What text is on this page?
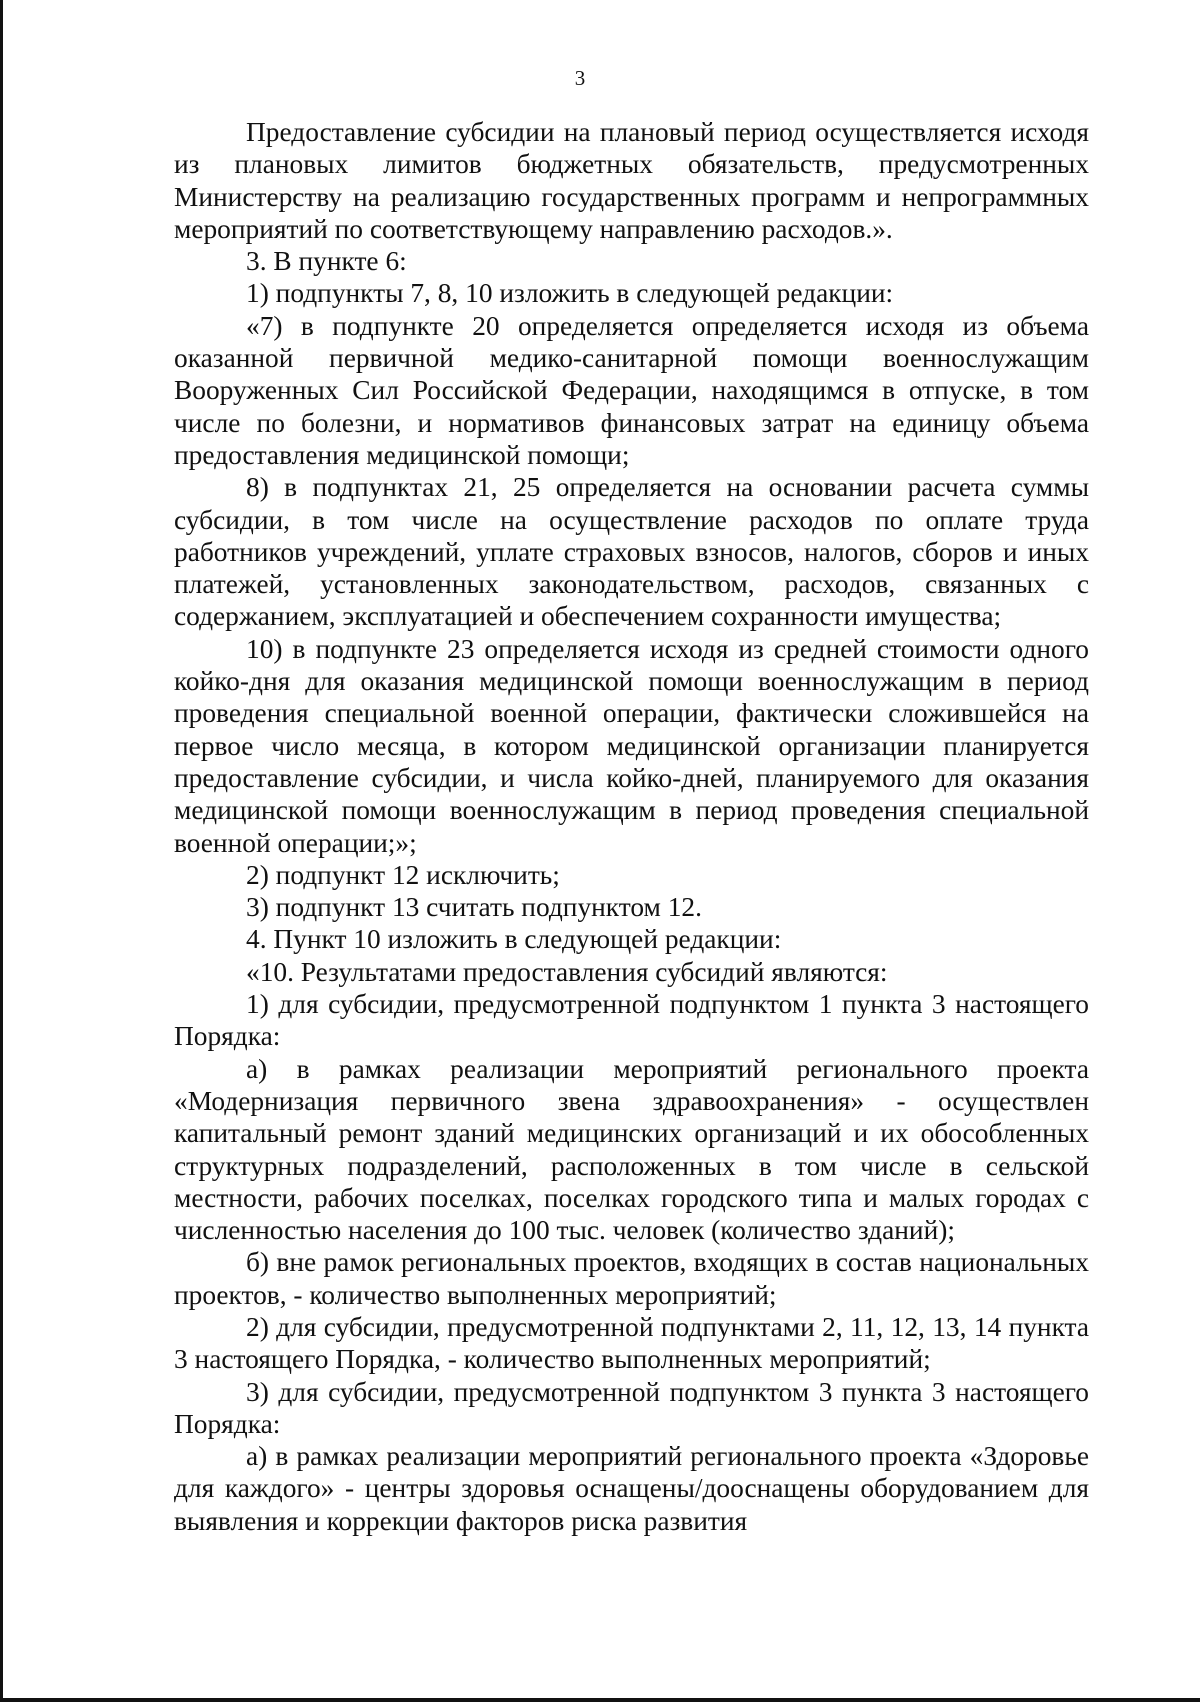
3

Предоставление субсидии на плановый период осуществляется исходя из плановых лимитов бюджетных обязательств, предусмотренных Министерству на реализацию государственных программ и непрограммных мероприятий по соответствующему направлению расходов.».

3. В пункте 6:

1) подпункты 7, 8, 10 изложить в следующей редакции:

«7) в подпункте 20 определяется определяется исходя из объема оказанной первичной медико-санитарной помощи военнослужащим Вооруженных Сил Российской Федерации, находящимся в отпуске, в том числе по болезни, и нормативов финансовых затрат на единицу объема предоставления медицинской помощи;

8) в подпунктах 21, 25 определяется на основании расчета суммы субсидии, в том числе на осуществление расходов по оплате труда работников учреждений, уплате страховых взносов, налогов, сборов и иных платежей, установленных законодательством, расходов, связанных с содержанием, эксплуатацией и обеспечением сохранности имущества;

10) в подпункте 23 определяется исходя из средней стоимости одного койко-дня для оказания медицинской помощи военнослужащим в период проведения специальной военной операции, фактически сложившейся на первое число месяца, в котором медицинской организации планируется предоставление субсидии, и числа койко-дней, планируемого для оказания медицинской помощи военнослужащим в период проведения специальной военной операции;»;

2) подпункт 12 исключить;

3) подпункт 13 считать подпунктом 12.

4. Пункт 10 изложить в следующей редакции:

«10. Результатами предоставления субсидий являются:

1) для субсидии, предусмотренной подпунктом 1 пункта 3 настоящего Порядка:

а) в рамках реализации мероприятий регионального проекта «Модернизация первичного звена здравоохранения» - осуществлен капитальный ремонт зданий медицинских организаций и их обособленных структурных подразделений, расположенных в том числе в сельской местности, рабочих поселках, поселках городского типа и малых городах с численностью населения до 100 тыс. человек (количество зданий);

б) вне рамок региональных проектов, входящих в состав национальных проектов, - количество выполненных мероприятий;

2) для субсидии, предусмотренной подпунктами 2, 11, 12, 13, 14 пункта 3 настоящего Порядка, - количество выполненных мероприятий;

3) для субсидии, предусмотренной подпунктом 3 пункта 3 настоящего Порядка:

а) в рамках реализации мероприятий регионального проекта «Здоровье для каждого» - центры здоровья оснащены/дооснащены оборудованием для выявления и коррекции факторов риска развития
